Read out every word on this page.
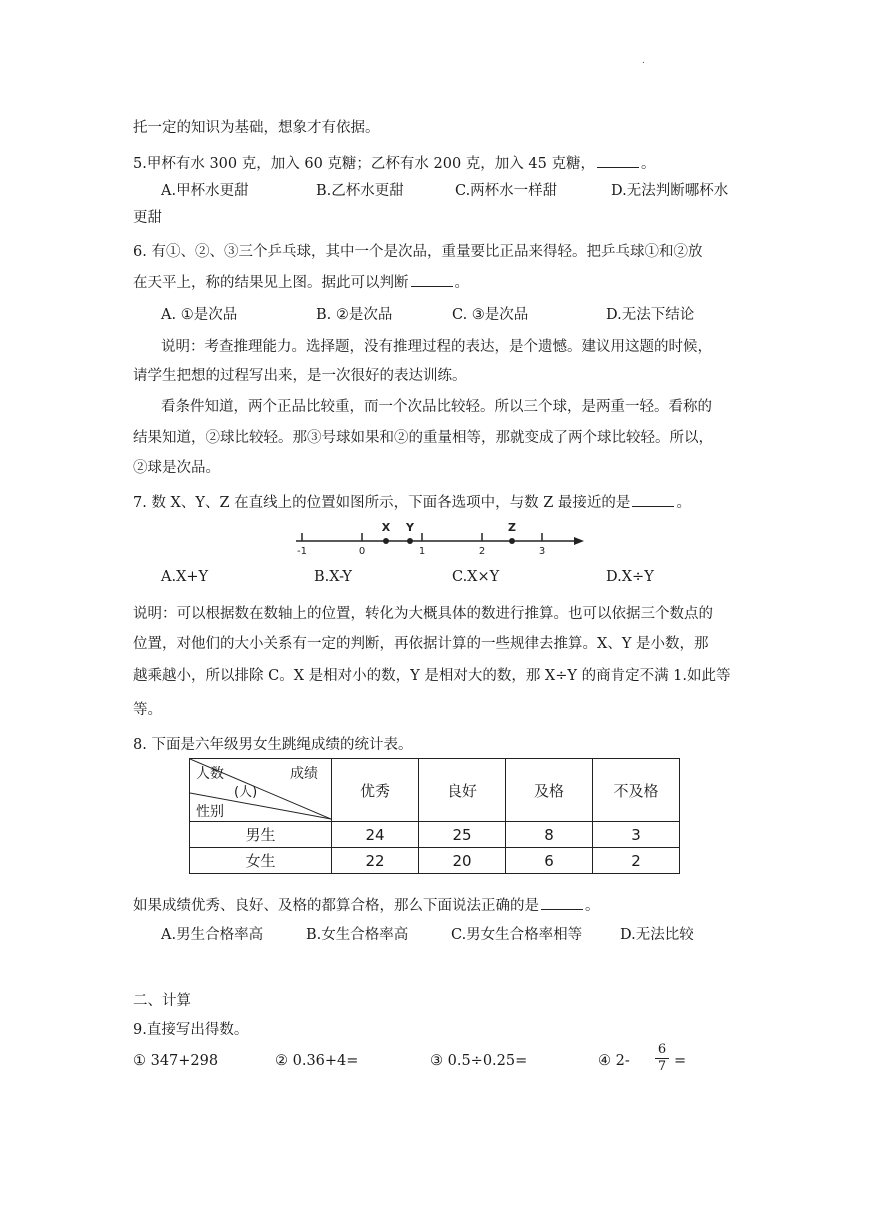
.
托一定的知识为基础，想象才有依据。
5.甲杯有水 300 克，加入 60 克糖；乙杯有水 200 克，加入 45 克糖，	。
A.甲杯水更甜	B.乙杯水更甜	C.两杯水一样甜	D.无法判断哪杯水
更甜
6. 有①、②、③三个乒乓球，其中一个是次品，重量要比正品来得轻。把乒乓球①和②放
在天平上，称的结果见上图。据此可以判断	。
A. ①是次品	B. ②是次品	C. ③是次品	D.无法下结论
说明：考查推理能力。选择题，没有推理过程的表达，是个遗憾。建议用这题的时候，
请学生把想的过程写出来，是一次很好的表达训练。
看条件知道，两个正品比较重，而一个次品比较轻。所以三个球，是两重一轻。看称的
结果知道，②球比较轻。那③号球如果和②的重量相等，那就变成了两个球比较轻。所以，
②球是次品。
7. 数 X、Y、Z 在直线上的位置如图所示，下面各选项中，与数 Z 最接近的是	。
-1	0	1	2	3
X Y	Z
A.X+Y	B.X-Y	C.X×Y	D.X÷Y
说明：可以根据数在数轴上的位置，转化为大概具体的数进行推算。也可以依据三个数点的
位置，对他们的大小关系有一定的判断，再依据计算的一些规律去推算。X、Y 是小数，那
越乘越小，所以排除 C。X 是相对小的数，Y 是相对大的数，那 X÷Y 的商肯定不满 1.如此等
等。
8. 下面是六年级男女生跳绳成绩的统计表。
人数
(人)
成绩
性别	优秀	良好	及格	不及格
男生	24	25	8	3
女生	22	20	6	2
如果成绩优秀、良好、及格的都算合格，那么下面说法正确的是	。
A.男生合格率高	B.女生合格率高	C.男女生合格率相等	D.无法比较
二、计算
9.直接写出得数。
① 347+298	② 0.36+4=	③ 0.5÷0.25=	④ $2- \frac{6}{7}$ =
